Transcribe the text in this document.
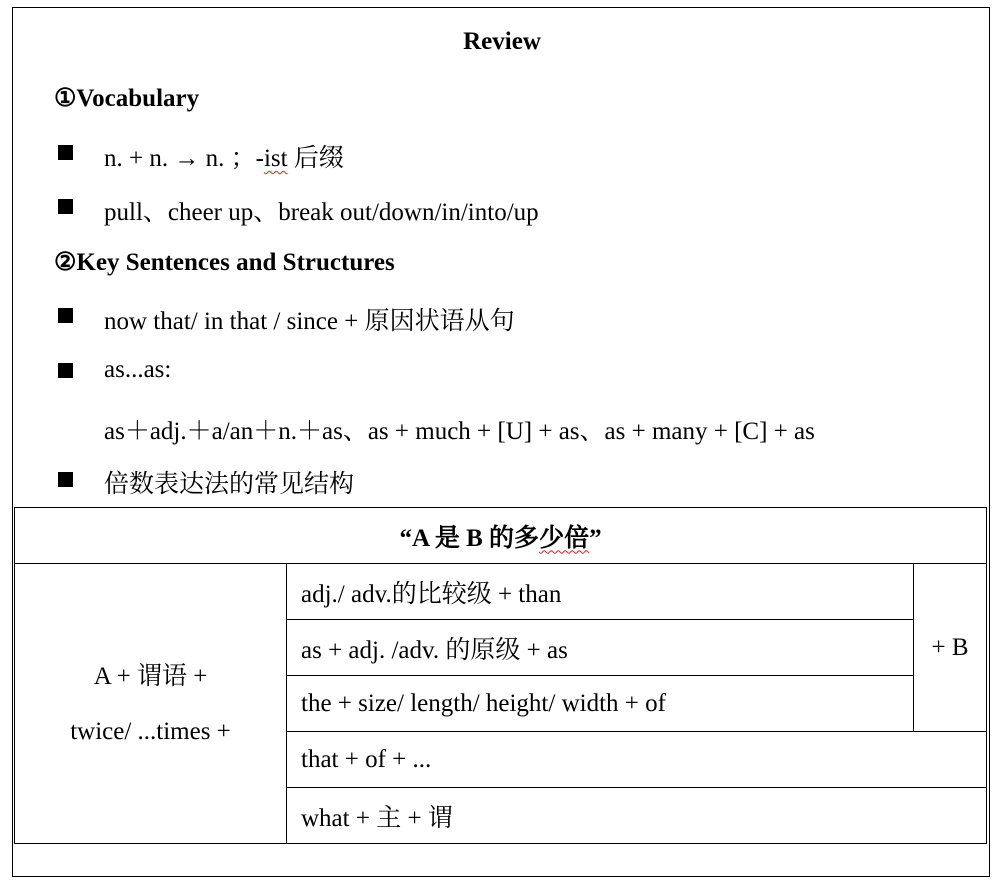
Review
①Vocabulary
n. + n. → n. ；-ist 后缀
pull、cheer up、break out/down/in/into/up
②Key Sentences and Structures
now that/ in that / since + 原因状语从句
as...as:
as＋adj.＋a/an＋n.＋as、as + much + [U] + as、as + many + [C] + as
倍数表达法的常见结构
“A 是 B 的多少倍”

A + 谓语 +
twice/ ...times +
	adj./ adv.的比较级 + than	+ B
as + adj. /adv. 的原级 + as
the + size/ length/ height/ width + of
that + of + ...
what + 主 + 谓
